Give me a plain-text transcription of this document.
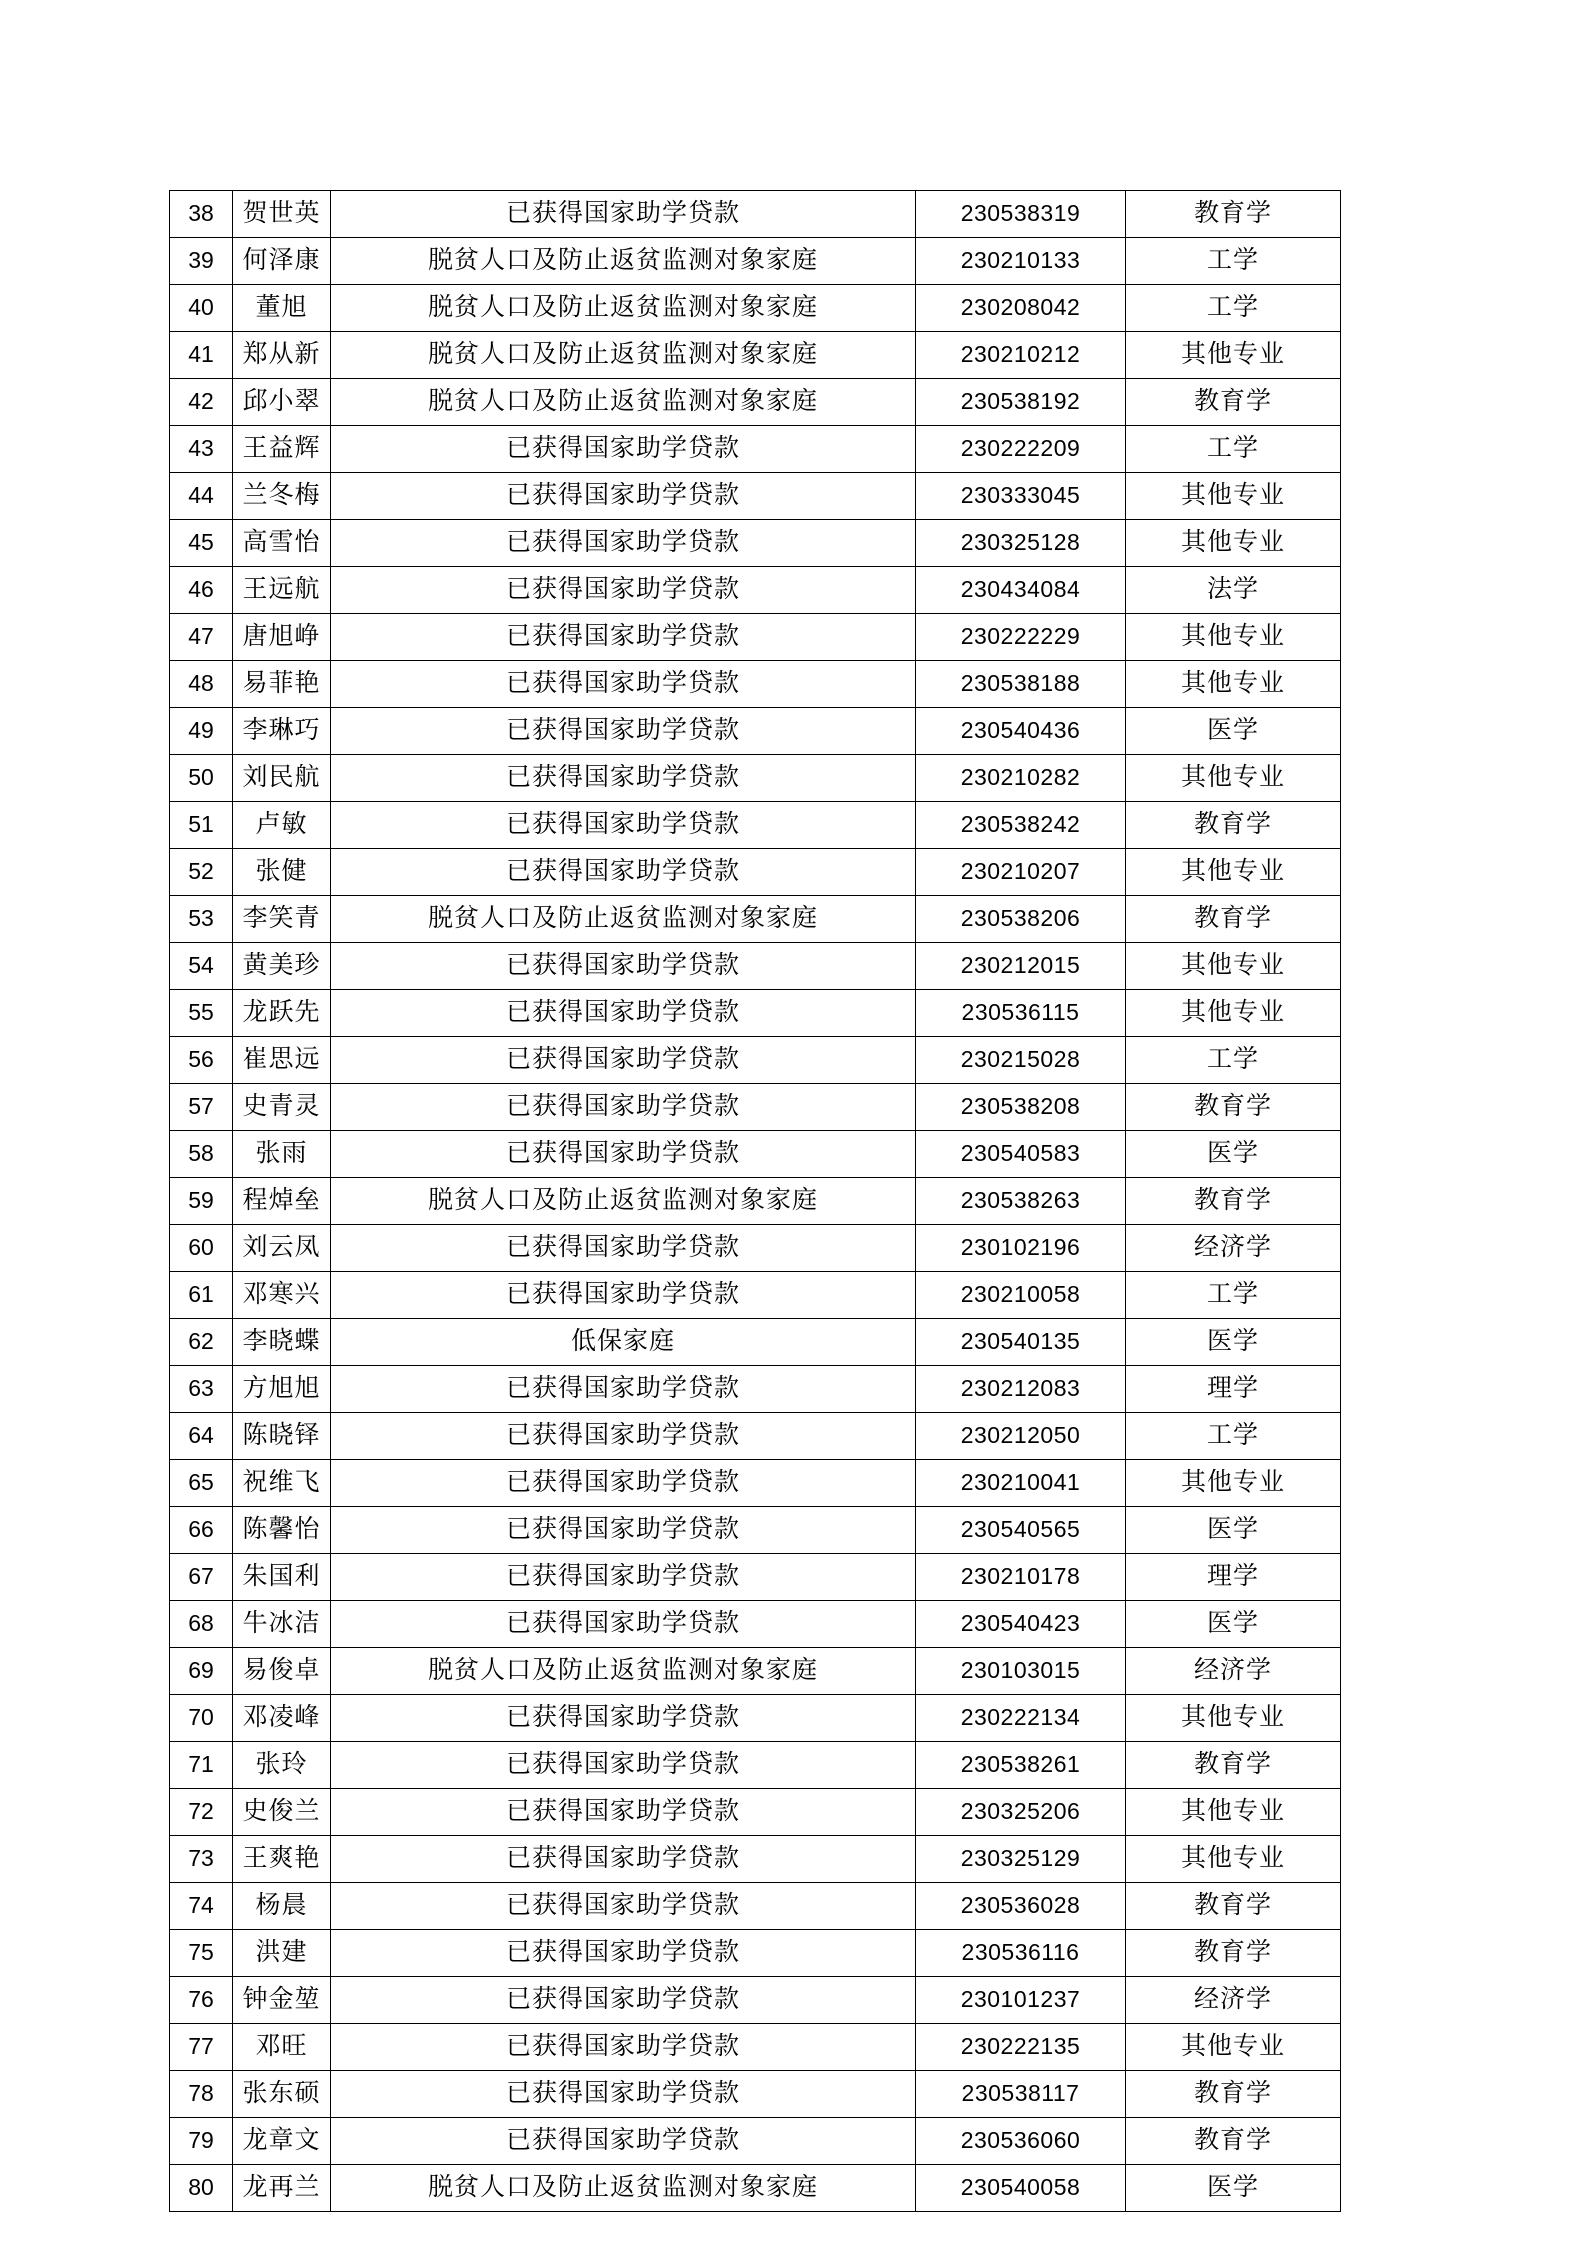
38	贺世英	已获得国家助学贷款	230538319	教育学
39	何泽康	脱贫人口及防止返贫监测对象家庭	230210133	工学
40	董旭	脱贫人口及防止返贫监测对象家庭	230208042	工学
41	郑从新	脱贫人口及防止返贫监测对象家庭	230210212	其他专业
42	邱小翠	脱贫人口及防止返贫监测对象家庭	230538192	教育学
43	王益辉	已获得国家助学贷款	230222209	工学
44	兰冬梅	已获得国家助学贷款	230333045	其他专业
45	高雪怡	已获得国家助学贷款	230325128	其他专业
46	王远航	已获得国家助学贷款	230434084	法学
47	唐旭峥	已获得国家助学贷款	230222229	其他专业
48	易菲艳	已获得国家助学贷款	230538188	其他专业
49	李琳巧	已获得国家助学贷款	230540436	医学
50	刘民航	已获得国家助学贷款	230210282	其他专业
51	卢敏	已获得国家助学贷款	230538242	教育学
52	张健	已获得国家助学贷款	230210207	其他专业
53	李笑青	脱贫人口及防止返贫监测对象家庭	230538206	教育学
54	黄美珍	已获得国家助学贷款	230212015	其他专业
55	龙跃先	已获得国家助学贷款	230536115	其他专业
56	崔思远	已获得国家助学贷款	230215028	工学
57	史青灵	已获得国家助学贷款	230538208	教育学
58	张雨	已获得国家助学贷款	230540583	医学
59	程焯垒	脱贫人口及防止返贫监测对象家庭	230538263	教育学
60	刘云凤	已获得国家助学贷款	230102196	经济学
61	邓寒兴	已获得国家助学贷款	230210058	工学
62	李晓蝶	低保家庭	230540135	医学
63	方旭旭	已获得国家助学贷款	230212083	理学
64	陈晓铎	已获得国家助学贷款	230212050	工学
65	祝维飞	已获得国家助学贷款	230210041	其他专业
66	陈馨怡	已获得国家助学贷款	230540565	医学
67	朱国利	已获得国家助学贷款	230210178	理学
68	牛冰洁	已获得国家助学贷款	230540423	医学
69	易俊卓	脱贫人口及防止返贫监测对象家庭	230103015	经济学
70	邓凌峰	已获得国家助学贷款	230222134	其他专业
71	张玲	已获得国家助学贷款	230538261	教育学
72	史俊兰	已获得国家助学贷款	230325206	其他专业
73	王爽艳	已获得国家助学贷款	230325129	其他专业
74	杨晨	已获得国家助学贷款	230536028	教育学
75	洪建	已获得国家助学贷款	230536116	教育学
76	钟金堃	已获得国家助学贷款	230101237	经济学
77	邓旺	已获得国家助学贷款	230222135	其他专业
78	张东硕	已获得国家助学贷款	230538117	教育学
79	龙章文	已获得国家助学贷款	230536060	教育学
80	龙再兰	脱贫人口及防止返贫监测对象家庭	230540058	医学
